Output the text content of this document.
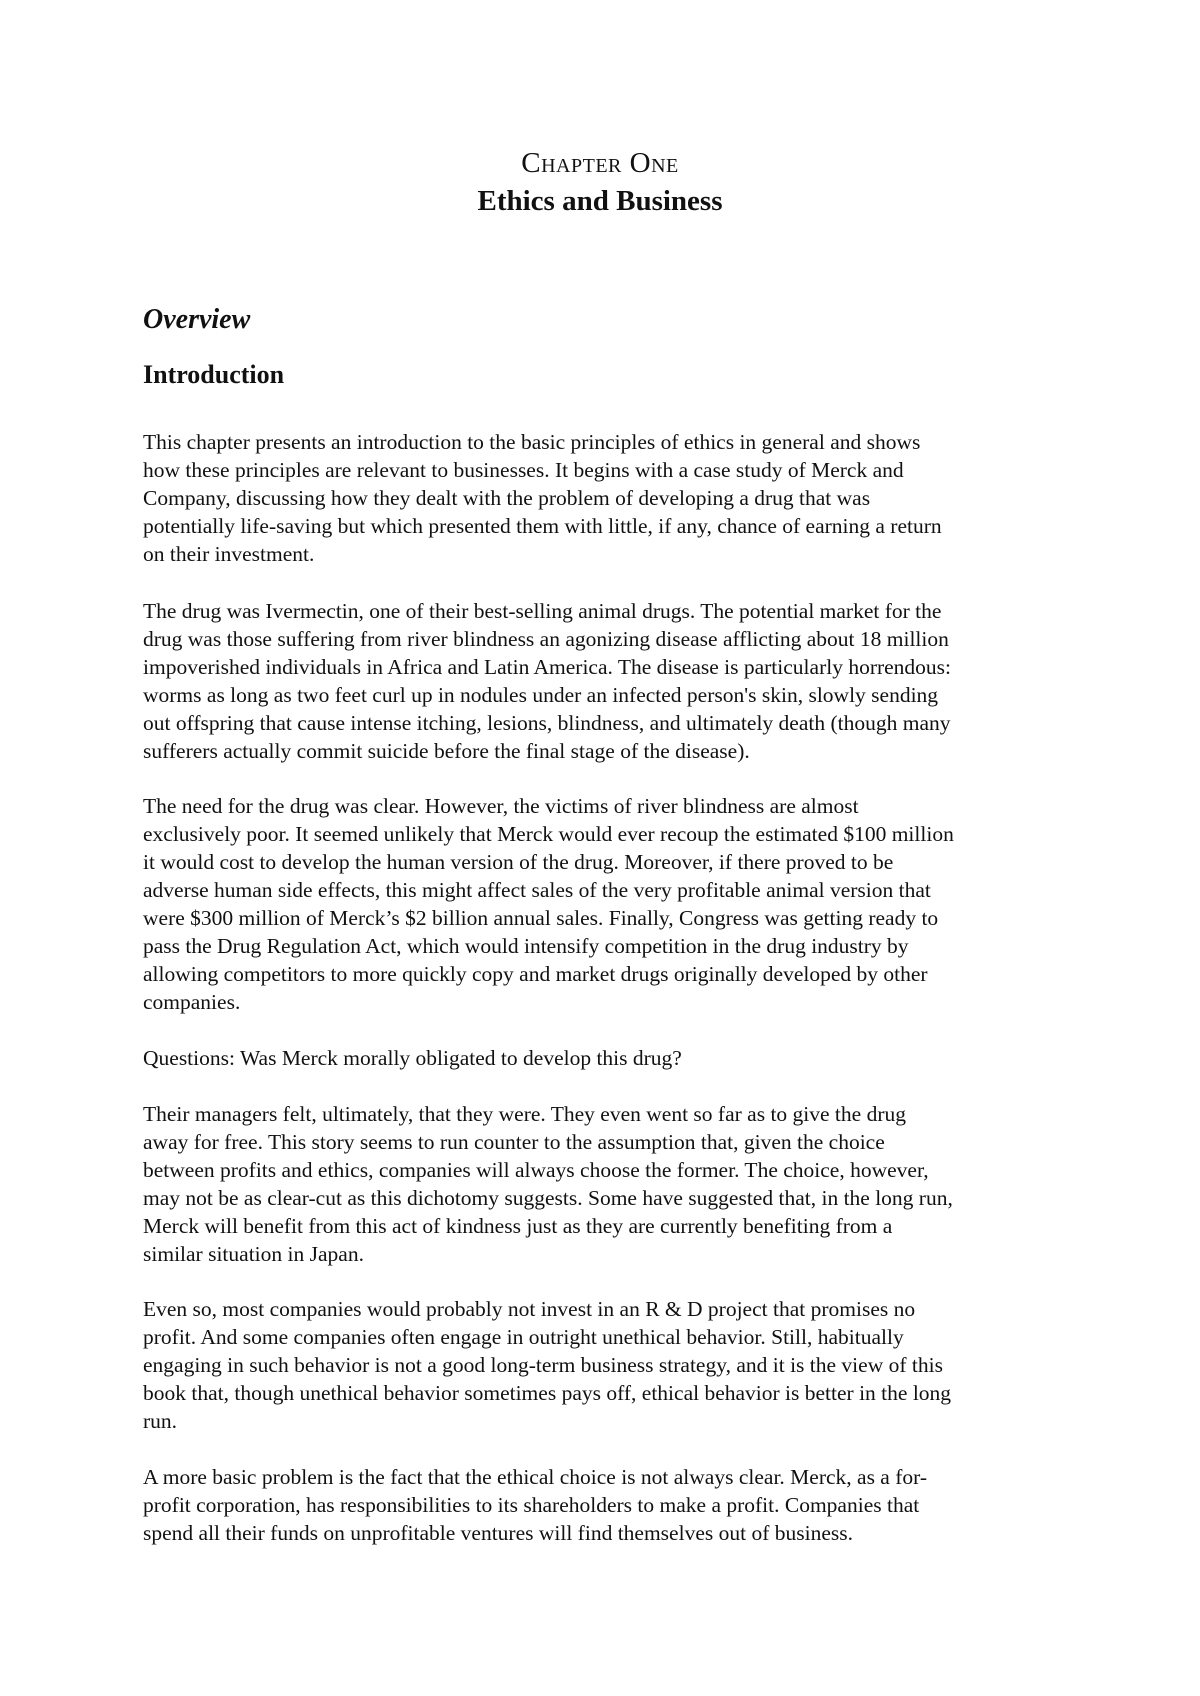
Chapter One
Ethics and Business
Overview
Introduction

This chapter presents an introduction to the basic principles of ethics in general and shows
how these principles are relevant to businesses. It begins with a case study of Merck and
Company, discussing how they dealt with the problem of developing a drug that was
potentially life-saving but which presented them with little, if any, chance of earning a return
on their investment.

The drug was Ivermectin, one of their best-selling animal drugs. The potential market for the
drug was those suffering from river blindness an agonizing disease afflicting about 18 million
impoverished individuals in Africa and Latin America. The disease is particularly horrendous:
worms as long as two feet curl up in nodules under an infected person's skin, slowly sending
out offspring that cause intense itching, lesions, blindness, and ultimately death (though many
sufferers actually commit suicide before the final stage of the disease).

The need for the drug was clear. However, the victims of river blindness are almost
exclusively poor. It seemed unlikely that Merck would ever recoup the estimated $100 million
it would cost to develop the human version of the drug. Moreover, if there proved to be
adverse human side effects, this might affect sales of the very profitable animal version that
were $300 million of Merck’s $2 billion annual sales. Finally, Congress was getting ready to
pass the Drug Regulation Act, which would intensify competition in the drug industry by
allowing competitors to more quickly copy and market drugs originally developed by other
companies.

Questions: Was Merck morally obligated to develop this drug?

Their managers felt, ultimately, that they were. They even went so far as to give the drug
away for free. This story seems to run counter to the assumption that, given the choice
between profits and ethics, companies will always choose the former. The choice, however,
may not be as clear-cut as this dichotomy suggests. Some have suggested that, in the long run,
Merck will benefit from this act of kindness just as they are currently benefiting from a
similar situation in Japan.

Even so, most companies would probably not invest in an R & D project that promises no
profit. And some companies often engage in outright unethical behavior. Still, habitually
engaging in such behavior is not a good long-term business strategy, and it is the view of this
book that, though unethical behavior sometimes pays off, ethical behavior is better in the long
run.

A more basic problem is the fact that the ethical choice is not always clear. Merck, as a for-
profit corporation, has responsibilities to its shareholders to make a profit. Companies that
spend all their funds on unprofitable ventures will find themselves out of business.
